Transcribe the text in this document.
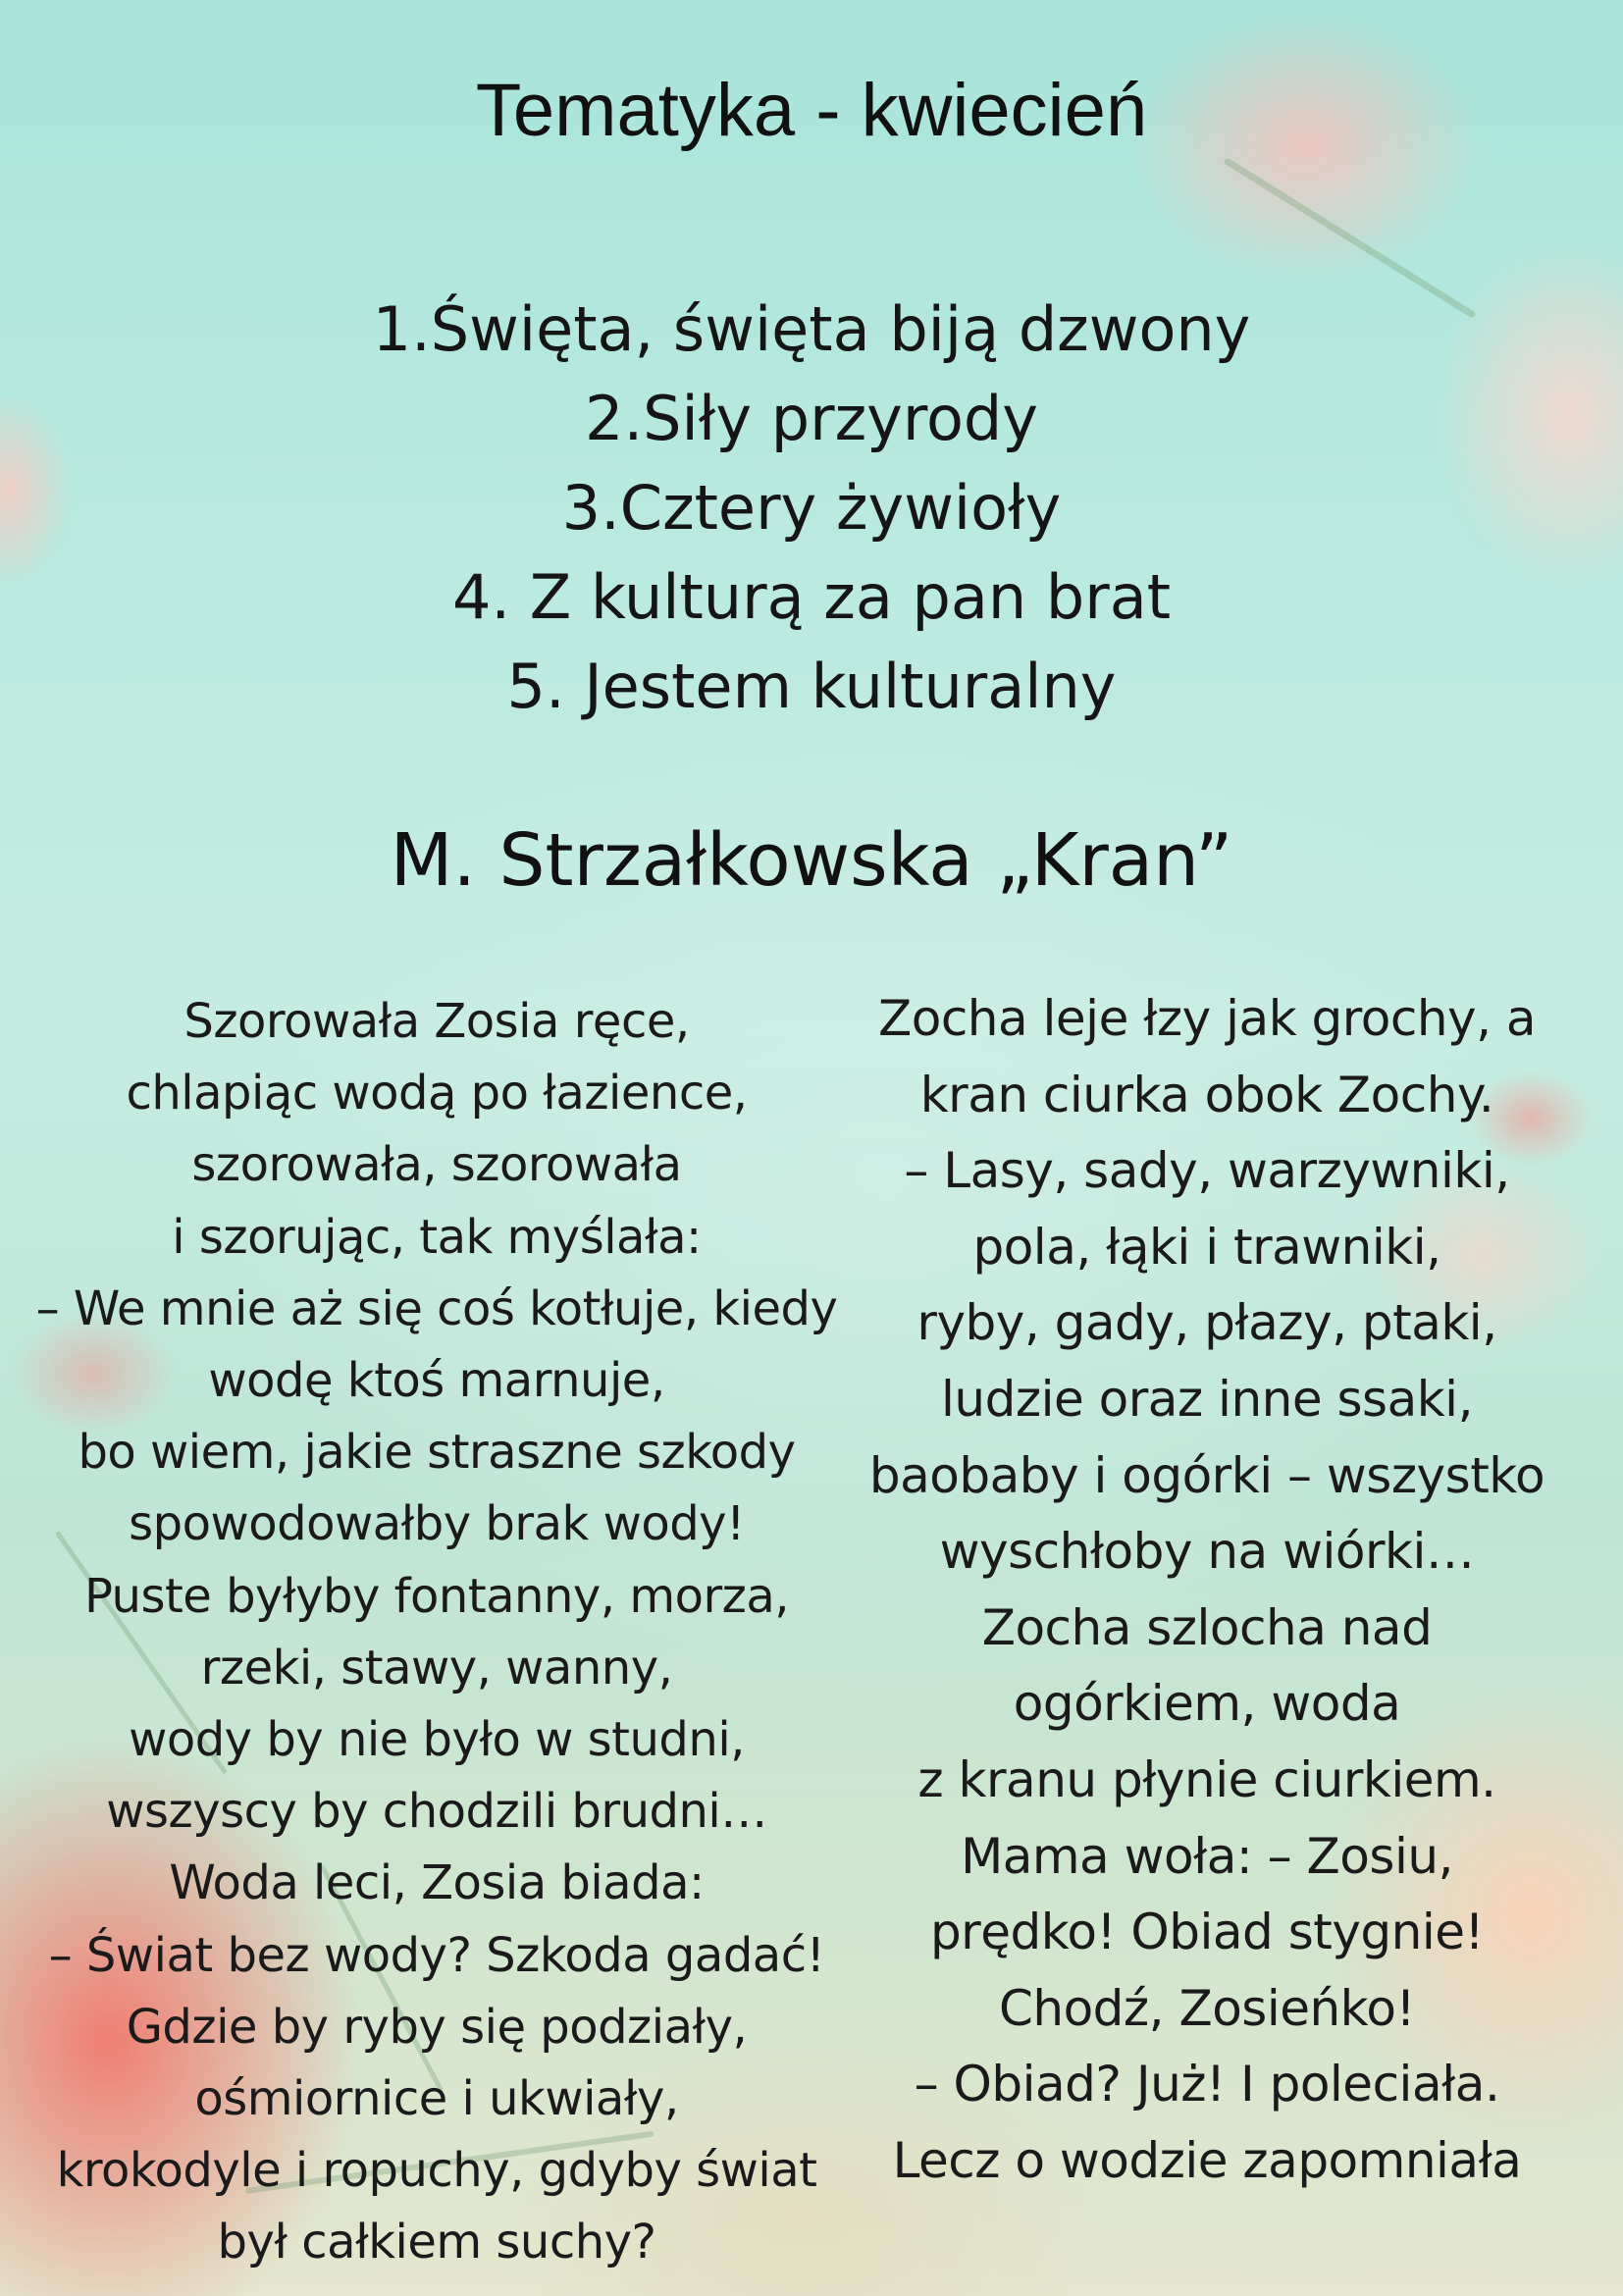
Tematyka - kwiecień
1.Święta, święta biją dzwony
2.Siły przyrody
3.Cztery żywioły
4. Z kulturą za pan brat
5. Jestem kulturalny
M. Strzałkowska „Kran”
Szorowała Zosia ręce,
chlapiąc wodą po łazience,
szorowała, szorowała
i szorując, tak myślała:
– We mnie aż się coś kotłuje, kiedy
wodę ktoś marnuje,
bo wiem, jakie straszne szkody
spowodowałby brak wody!
Puste byłyby fontanny, morza,
rzeki, stawy, wanny,
wody by nie było w studni,
wszyscy by chodzili brudni…
Woda leci, Zosia biada:
– Świat bez wody? Szkoda gadać!
Gdzie by ryby się podziały,
ośmiornice i ukwiały,
krokodyle i ropuchy, gdyby świat
był całkiem suchy?
Zocha leje łzy jak grochy, a
kran ciurka obok Zochy.
– Lasy, sady, warzywniki,
pola, łąki i trawniki,
ryby, gady, płazy, ptaki,
ludzie oraz inne ssaki,
baobaby i ogórki – wszystko
wyschłoby na wiórki…
Zocha szlocha nad
ogórkiem, woda
z kranu płynie ciurkiem.
Mama woła: – Zosiu,
prędko! Obiad stygnie!
Chodź, Zosieńko!
– Obiad? Już! I poleciała.
Lecz o wodzie zapomniała
